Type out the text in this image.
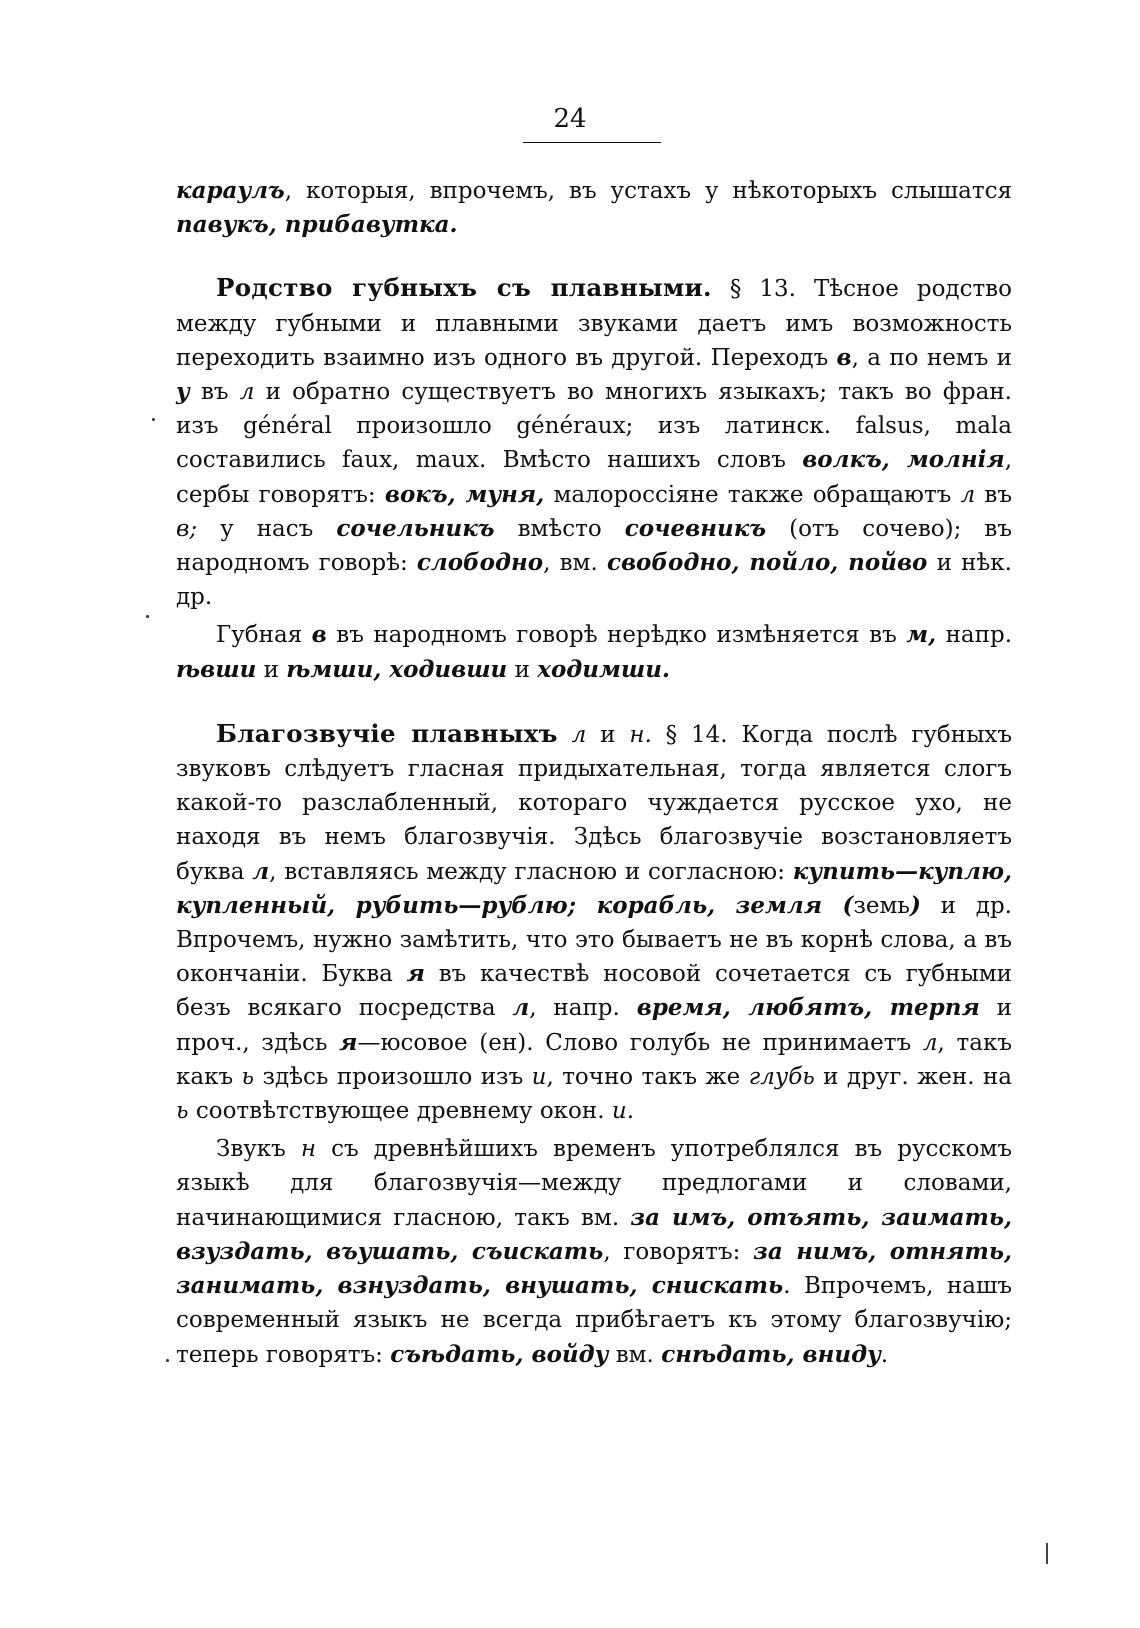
24

караулъ, которыя, впрочемъ, въ устахъ у нѣкоторыхъ слышатся павукъ, прибавутка.

Родство губныхъ съ плавными. § 13. Тѣсное родство между губными и плавными звуками даетъ имъ возможность переходить взаимно изъ одного въ другой. Переходъ в, а по немъ и у въ л и обратно существуетъ во многихъ языкахъ; такъ во фран. изъ général произошло généraux; изъ латинск. falsus, mala составились faux, maux. Вмѣсто нашихъ словъ волкъ, молнія, сербы говорятъ: вокъ, муня, малороссіяне также обращаютъ л въ в; у насъ сочельникъ вмѣсто сочевникъ (отъ сочево); въ народномъ говорѣ: слободно, вм. свободно, пойло, пойво и нѣк. др.

Губная в въ народномъ говорѣ нерѣдко измѣняется въ м, напр. ѣвши и ѣмши, ходивши и ходимши.

Благозвучіе плавныхъ л и н. § 14. Когда послѣ губныхъ звуковъ слѣдуетъ гласная придыхательная, тогда является слогъ какой-то разслабленный, котораго чуждается русское ухо, не находя въ немъ благозвучія. Здѣсь благозвучіе возстановляетъ буква л, вставляясь между гласною и согласною: купить—куплю, купленный, рубить—рублю; корабль, земля (земь) и др. Впрочемъ, нужно замѣтить, что это бываетъ не въ корнѣ слова, а въ окончаніи. Буква я въ качествѣ носовой сочетается съ губными безъ всякаго посредства л, напр. время, любятъ, терпя и проч., здѣсь я—юсовое (ен). Слово голубь не принимаетъ л, такъ какъ ь здѣсь произошло изъ и, точно такъ же глубь и друг. жен. на ь соотвѣтствующее древнему окон. и.

Звукъ н съ древнѣйшихъ временъ употреблялся въ русскомъ языкѣ для благозвучія—между предлогами и словами, начинающимися гласною, такъ вм. за имъ, отъять, заимать, взуздать, въушать, съискать, говорятъ: за нимъ, отнять, занимать, взнуздать, внушать, снискать. Впрочемъ, нашъ современный языкъ не всегда прибѣгаетъ къ этому благозвучію; теперь говорятъ: съѣдать, войду вм. снѣдать, вниду.
